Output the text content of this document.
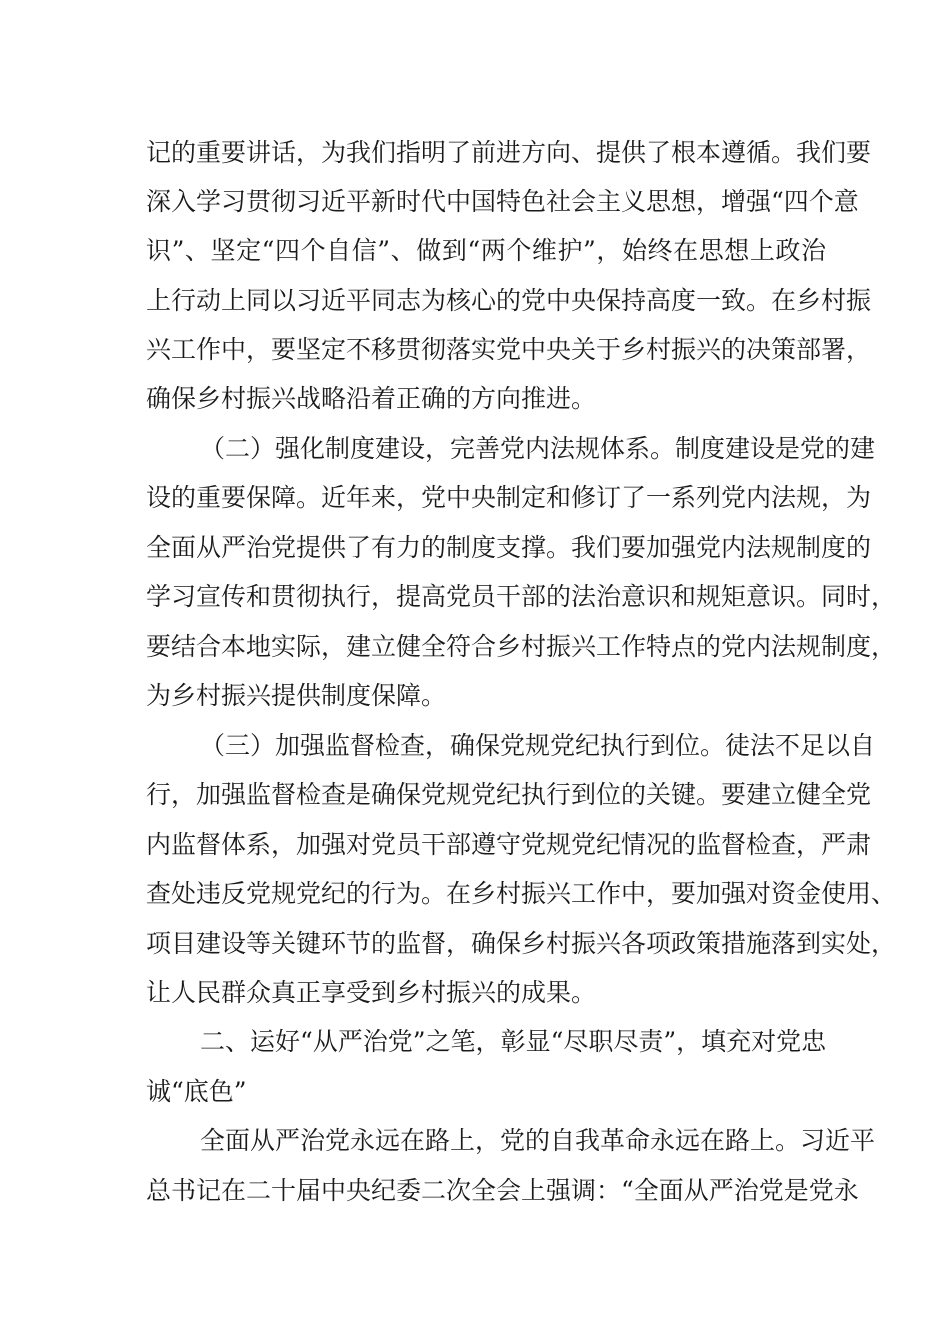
记的重要讲话，为我们指明了前进方向、提供了根本遵循。我们要
深入学习贯彻习近平新时代中国特色社会主义思想，增强“四个意
识”、坚定“四个自信”、做到“两个维护”，始终在思想上政治
上行动上同以习近平同志为核心的党中央保持高度一致。在乡村振
兴工作中，要坚定不移贯彻落实党中央关于乡村振兴的决策部署，
确保乡村振兴战略沿着正确的方向推进。
（二）强化制度建设，完善党内法规体系。制度建设是党的建
设的重要保障。近年来，党中央制定和修订了一系列党内法规，为
全面从严治党提供了有力的制度支撑。我们要加强党内法规制度的
学习宣传和贯彻执行，提高党员干部的法治意识和规矩意识。同时，
要结合本地实际，建立健全符合乡村振兴工作特点的党内法规制度，
为乡村振兴提供制度保障。
（三）加强监督检查，确保党规党纪执行到位。徒法不足以自
行，加强监督检查是确保党规党纪执行到位的关键。要建立健全党
内监督体系，加强对党员干部遵守党规党纪情况的监督检查，严肃
查处违反党规党纪的行为。在乡村振兴工作中，要加强对资金使用、
项目建设等关键环节的监督，确保乡村振兴各项政策措施落到实处，
让人民群众真正享受到乡村振兴的成果。
二、运好“从严治党”之笔，彰显“尽职尽责”，填充对党忠
诚“底色”
全面从严治党永远在路上，党的自我革命永远在路上。习近平
总书记在二十届中央纪委二次全会上强调：“全面从严治党是党永
